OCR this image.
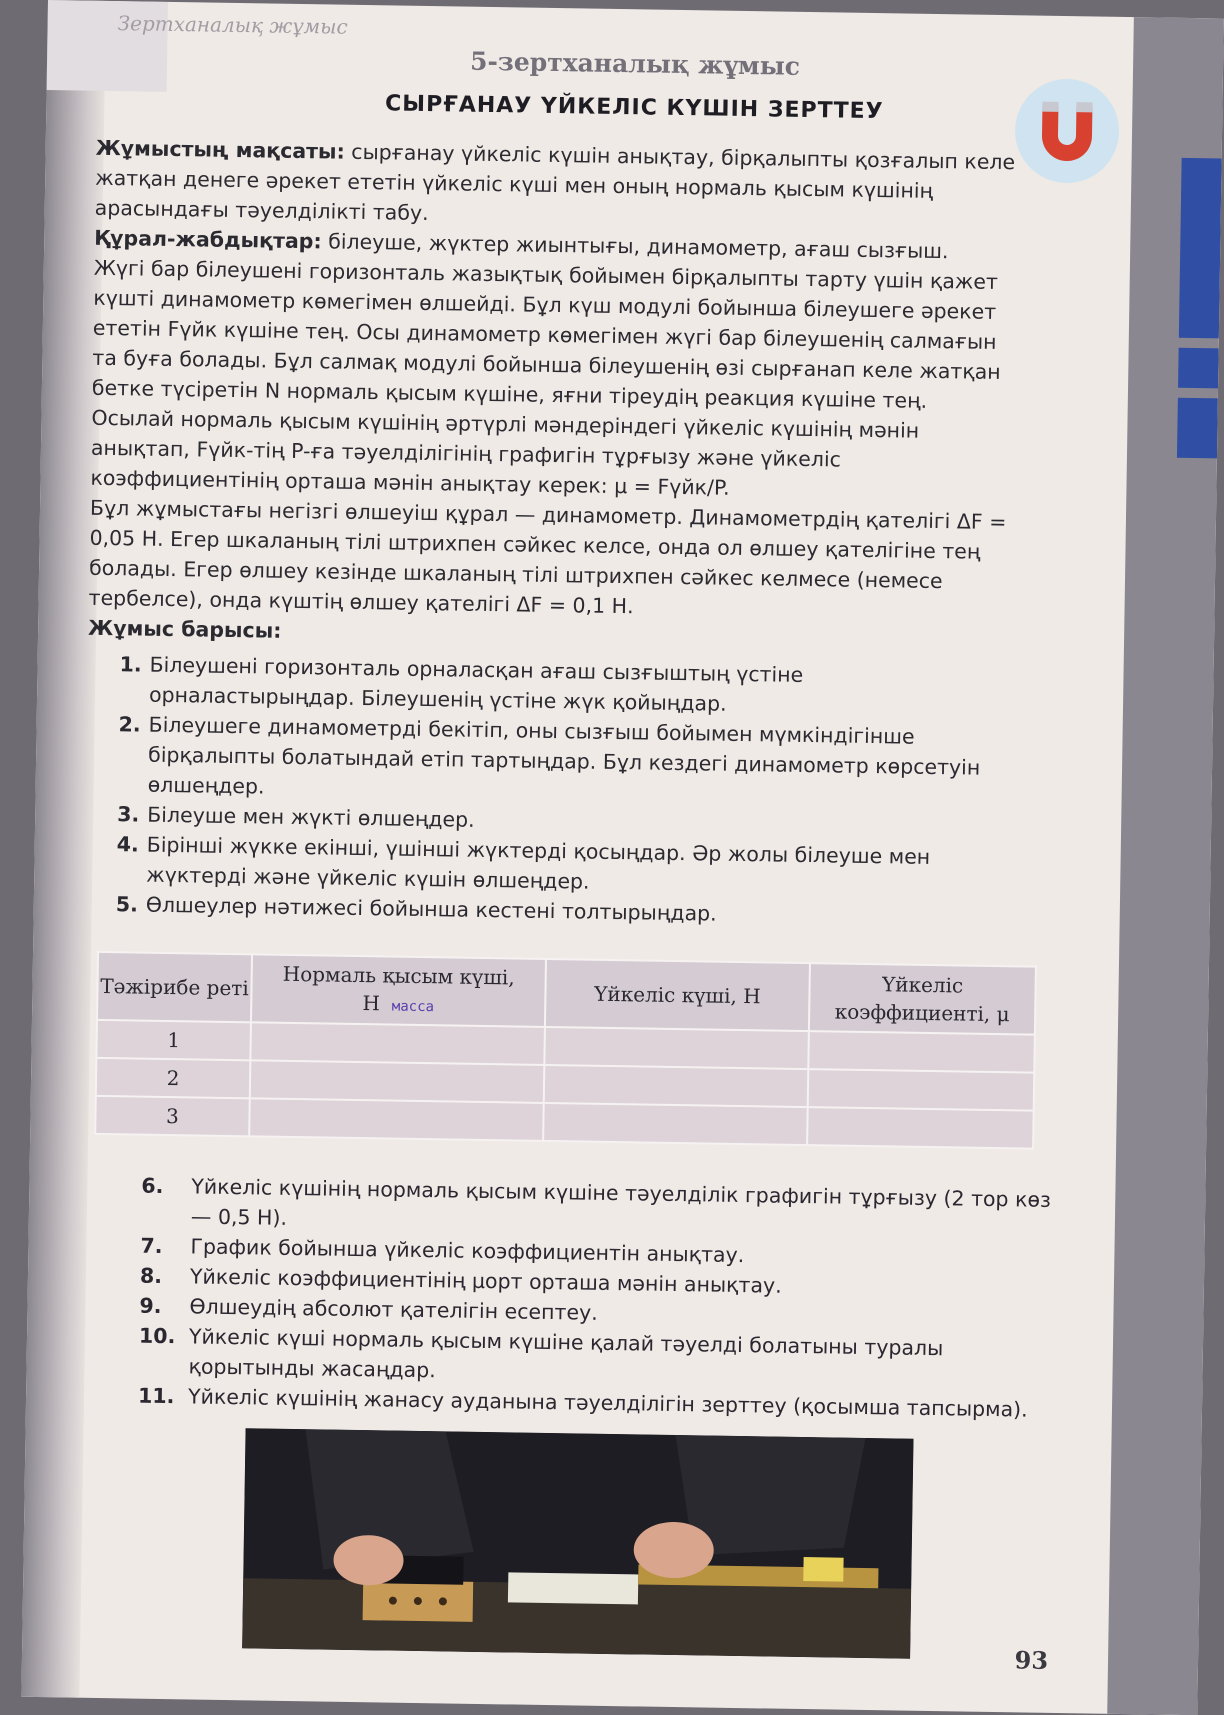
Зертханалық жұмыс
5-зертханалық жұмыс
СЫРҒАНАУ ҮЙКЕЛІС КҮШІН ЗЕРТТЕУ

Жұмыстың мақсаты: сырғанау үйкеліс күшін анықтау, бірқалыпты қозғалып келе жатқан денеге әрекет ететін үйкеліс күші мен оның нормаль қысым күшінің арасындағы тәуелділікті табу.

Құрал-жабдықтар: білеуше, жүктер жиынтығы, динамометр, ағаш сызғыш.

Жүгі бар білеушені горизонталь жазықтық бойымен бірқалыпты тарту үшін қажет күшті динамометр көмегімен өлшейді. Бұл күш модулі бойынша білеушеге әрекет ететін Fүйк күшіне тең. Осы динамометр көмегімен жүгі бар білеушенің салмағын та буға болады. Бұл салмақ модулі бойынша білеушенің өзі сырғанап келе жатқан бетке түсіретін N нормаль қысым күшіне, яғни тіреудің реакция күшіне тең. Осылай нормаль қысым күшінің әртүрлі мәндеріндегі үйкеліс күшінің мәнін анықтап, Fүйк-тің P-ға тәуелділігінің графигін тұрғызу және үйкеліс коэффициентінің орташа мәнін анықтау керек: μ = Fүйк/P.

Бұл жұмыстағы негізгі өлшеуіш құрал — динамометр. Динамометрдің қателігі ΔF = 0,05 Н. Егер шкаланың тілі штрихпен сәйкес келсе, онда ол өлшеу қателігіне тең болады. Егер өлшеу кезінде шкаланың тілі штрихпен сәйкес келмесе (немесе тербелсе), онда күштің өлшеу қателігі ΔF = 0,1 Н.

Жұмыс барысы:

1. Білеушені горизонталь орналасқан ағаш сызғыштың үстіне орналастырыңдар. Білеушенің үстіне жүк қойыңдар.
2. Білеушеге динамометрді бекітіп, оны сызғыш бойымен мүмкіндігінше бірқалыпты болатындай етіп тартыңдар. Бұл кездегі динамометр көрсетуін өлшеңдер.
3. Білеуше мен жүкті өлшеңдер.
4. Бірінші жүкке екінші, үшінші жүктерді қосыңдар. Әр жолы білеуше мен жүктерді және үйкеліс күшін өлшеңдер.
5. Өлшеулер нәтижесі бойынша кестені толтырыңдар.
Тәжірибе реті	Нормаль қысым күші, Н масса	Үйкеліс күші, Н	Үйкеліс коэффициенті, μ
1			
2			
3			
6. Үйкеліс күшінің нормаль қысым күшіне тәуелділік графигін тұрғызу (2 тор көз — 0,5 Н).
7. График бойынша үйкеліс коэффициентін анықтау.
8. Үйкеліс коэффициентінің μорт орташа мәнін анықтау.
9. Өлшеудің абсолют қателігін есептеу.
10. Үйкеліс күші нормаль қысым күшіне қалай тәуелді болатыны туралы қорытынды жасаңдар.
11. Үйкеліс күшінің жанасу ауданына тәуелділігін зерттеу (қосымша тапсырма).
93
